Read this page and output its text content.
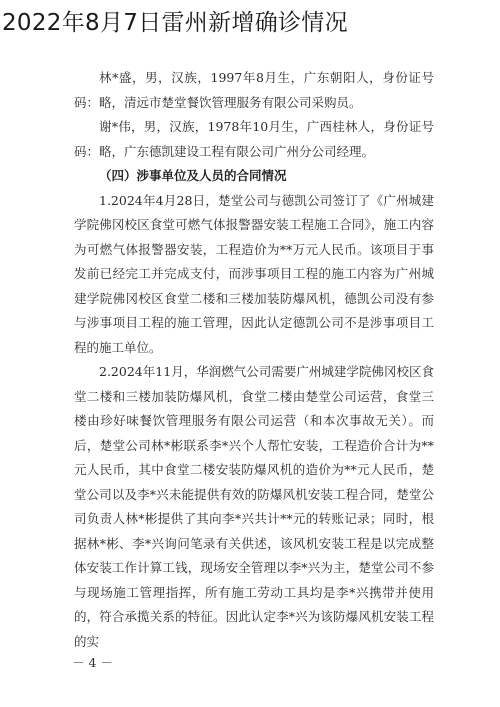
2022年8月7日雷州新增确诊情况

林*盛，男，汉族，1997年8月生，广东朝阳人，身份证号码：略，清远市楚堂餐饮管理服务有限公司采购员。

谢*伟，男，汉族，1978年10月生，广西桂林人，身份证号码：略，广东德凯建设工程有限公司广州分公司经理。

（四）涉事单位及人员的合同情况

1.2024年4月28日，楚堂公司与德凯公司签订了《广州城建学院佛冈校区食堂可燃气体报警器安装工程施工合同》，施工内容为可燃气体报警器安装，工程造价为**万元人民币。该项目于事发前已经完工并完成支付，而涉事项目工程的施工内容为广州城建学院佛冈校区食堂二楼和三楼加装防爆风机，德凯公司没有参与涉事项目工程的施工管理，因此认定德凯公司不是涉事项目工程的施工单位。

2.2024年11月，华润燃气公司需要广州城建学院佛冈校区食堂二楼和三楼加装防爆风机，食堂二楼由楚堂公司运营，食堂三楼由珍好味餐饮管理服务有限公司运营（和本次事故无关）。而后，楚堂公司林*彬联系李*兴个人帮忙安装，工程造价合计为**元人民币，其中食堂二楼安装防爆风机的造价为**元人民币，楚堂公司以及李*兴未能提供有效的防爆风机安装工程合同，楚堂公司负责人林*彬提供了其向李*兴共计**元的转账记录；同时，根据林*彬、李*兴询问笔录有关供述，该风机安装工程是以完成整体安装工作计算工钱，现场安全管理以李*兴为主，楚堂公司不参与现场施工管理指挥，所有施工劳动工具均是李*兴携带并使用的，符合承揽关系的特征。因此认定李*兴为该防爆风机安装工程的实

－ 4 －
